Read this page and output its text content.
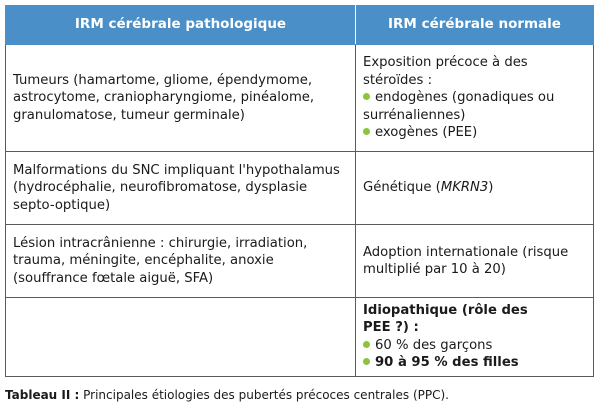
IRM cérébrale pathologique	IRM cérébrale normale
Tumeurs (hamartome, gliome, épendymome, astrocytome, craniopharyngiome, pinéalome, granulomatose, tumeur germinale)	Exposition précoce à des stéroïdes :
endogènes (gonadiques ou surrénaliennes)
exogènes (PEE)

Malformations du SNC impliquant l'hypothalamus (hydrocéphalie, neurofibromatose, dysplasie septo-optique)	Génétique (MKRN3)
Lésion intracrânienne : chirurgie, irradiation, trauma, méningite, encéphalite, anoxie (souffrance fœtale aiguë, SFA)	Adoption internationale (risque multiplié par 10 à 20)

	Idiopathique (rôle des PEE ?) :
60 % des garçons
90 à 95 % des filles
Tableau II : Principales étiologies des pubertés précoces centrales (PPC).
